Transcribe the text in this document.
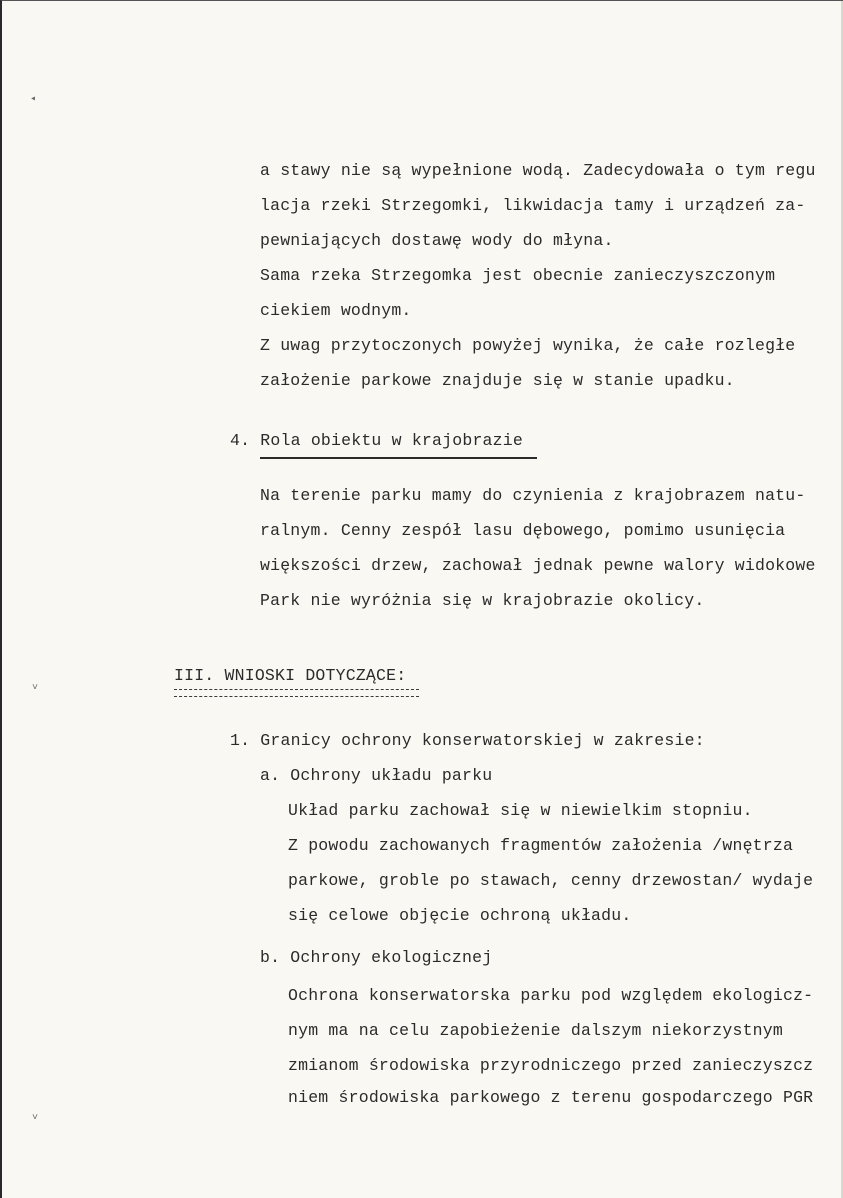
◂
˅
˅
a stawy nie są wypełnione wodą. Zadecydowała o tym regu
lacja rzeki Strzegomki, likwidacja tamy i urządzeń za-
pewniających dostawę wody do młyna.
Sama rzeka Strzegomka jest obecnie zanieczyszczonym
ciekiem wodnym.
Z uwag przytoczonych powyżej wynika, że całe rozległe
założenie parkowe znajduje się w stanie upadku.
4. Rola obiektu w krajobrazie
Na terenie parku mamy do czynienia z krajobrazem natu-
ralnym. Cenny zespół lasu dębowego, pomimo usunięcia
większości drzew, zachował jednak pewne walory widokowe
Park nie wyróżnia się w krajobrazie okolicy.
III. WNIOSKI DOTYCZĄCE:
1. Granicy ochrony konserwatorskiej w zakresie:
a. Ochrony układu parku
Układ parku zachował się w niewielkim stopniu.
Z powodu zachowanych fragmentów założenia /wnętrza
parkowe, groble po stawach, cenny drzewostan/ wydaje
się celowe objęcie ochroną układu.
b. Ochrony ekologicznej
Ochrona konserwatorska parku pod względem ekologicz-
nym ma na celu zapobieżenie dalszym niekorzystnym
zmianom środowiska przyrodniczego przed zanieczyszcz
niem środowiska parkowego z terenu gospodarczego PGR
